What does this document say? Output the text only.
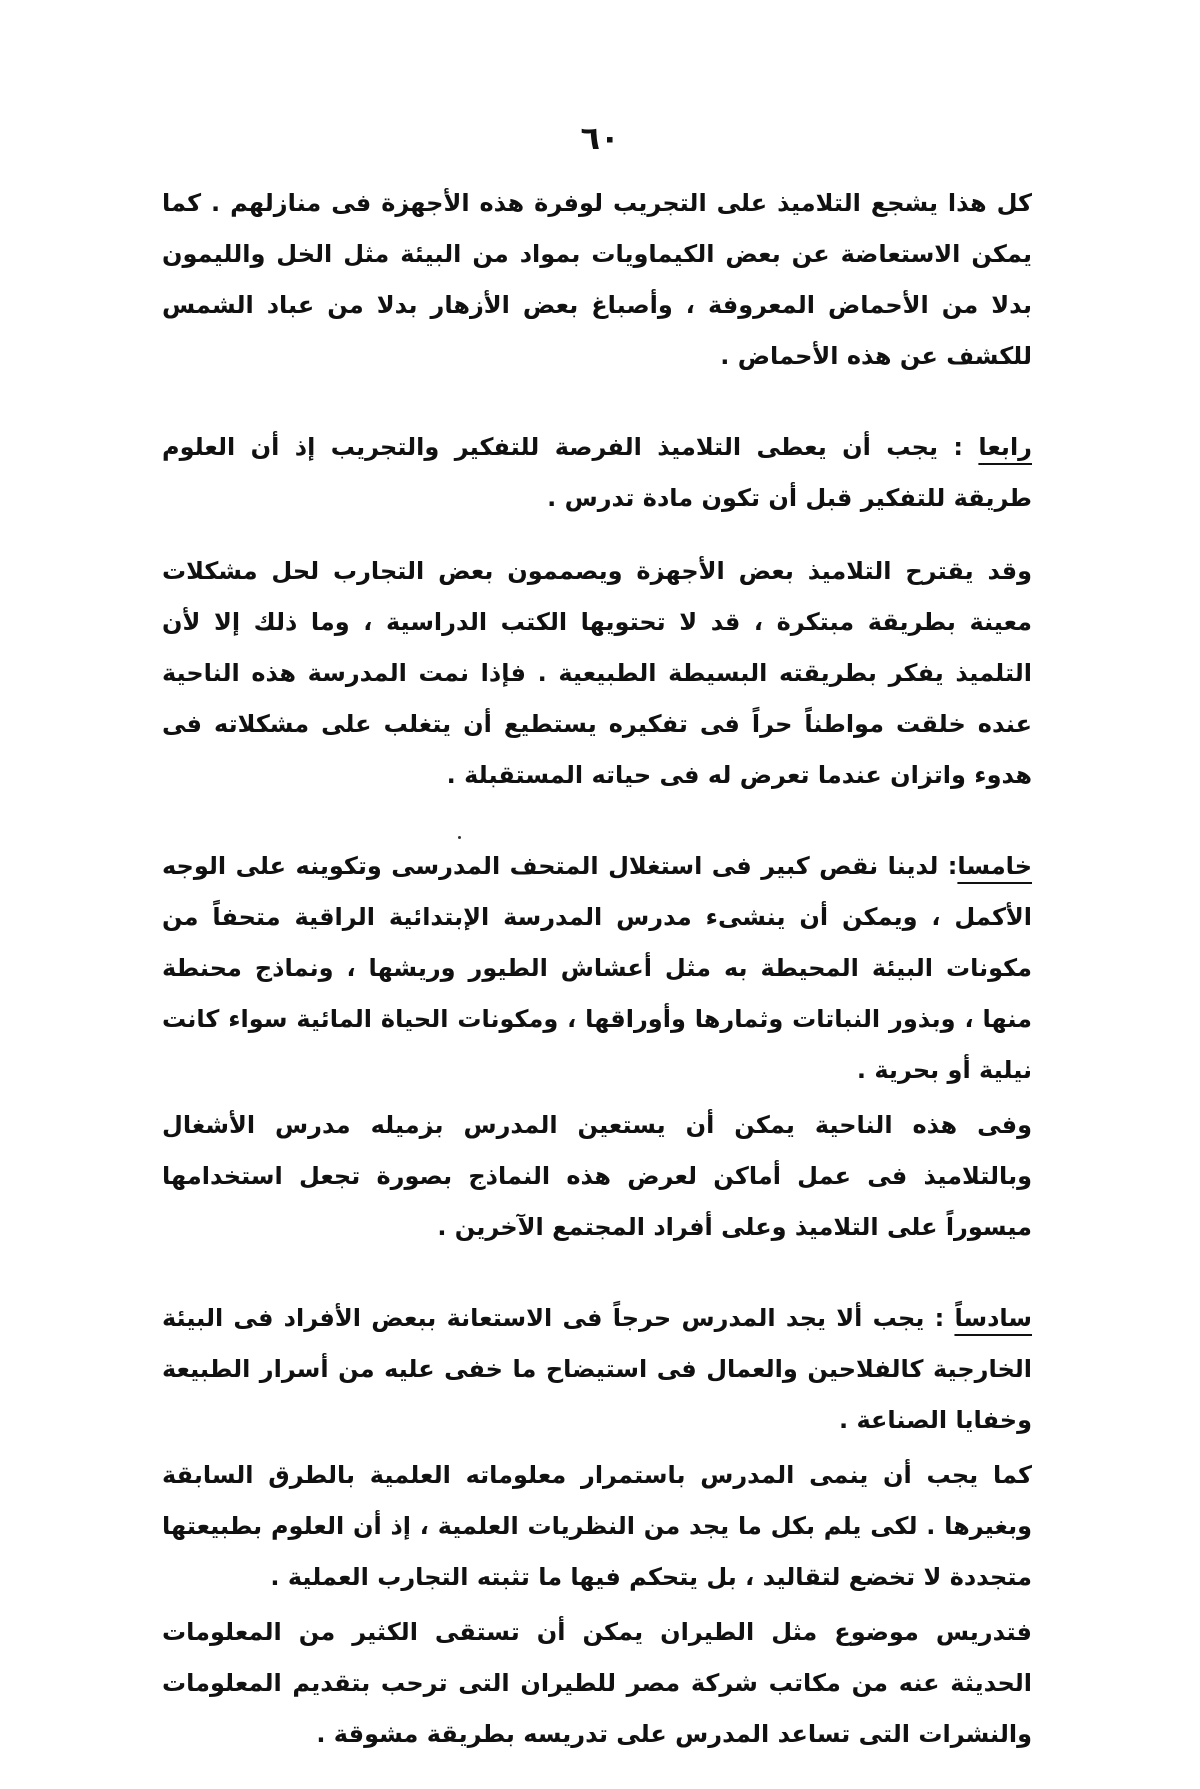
٦٠

كل هذا يشجع التلاميذ على التجريب لوفرة هذه الأجهزة فى منازلهم . كما يمكن الاستعاضة عن بعض الكيماويات بمواد من البيئة مثل الخل والليمون بدلا من الأحماض المعروفة ، وأصباغ بعض الأزهار بدلا من عباد الشمس للكشف عن هذه الأحماض .

رابعا : يجب أن يعطى التلاميذ الفرصة للتفكير والتجريب إذ أن العلوم طريقة للتفكير قبل أن تكون مادة تدرس .

وقد يقترح التلاميذ بعض الأجهزة ويصممون بعض التجارب لحل مشكلات معينة بطريقة مبتكرة ، قد لا تحتويها الكتب الدراسية ، وما ذلك إلا لأن التلميذ يفكر بطريقته البسيطة الطبيعية . فإذا نمت المدرسة هذه الناحية عنده خلقت مواطناً حراً فى تفكيره يستطيع أن يتغلب على مشكلاته فى هدوء واتزان عندما تعرض له فى حياته المستقبلة .

خامسا: لدينا نقص كبير فى استغلال المتحف المدرسى وتكوينه على الوجه الأكمل ، ويمكن أن ينشىء مدرس المدرسة الإبتدائية الراقية متحفاً من مكونات البيئة المحيطة به مثل أعشاش الطيور وريشها ، ونماذج محنطة منها ، وبذور النباتات وثمارها وأوراقها ، ومكونات الحياة المائية سواء كانت نيلية أو بحرية .

وفى هذه الناحية يمكن أن يستعين المدرس بزميله مدرس الأشغال وبالتلاميذ فى عمل أماكن لعرض هذه النماذج بصورة تجعل استخدامها ميسوراً على التلاميذ وعلى أفراد المجتمع الآخرين .

سادساً : يجب ألا يجد المدرس حرجاً فى الاستعانة ببعض الأفراد فى البيئة الخارجية كالفلاحين والعمال فى استيضاح ما خفى عليه من أسرار الطبيعة وخفايا الصناعة .

كما يجب أن ينمى المدرس باستمرار معلوماته العلمية بالطرق السابقة وبغيرها . لكى يلم بكل ما يجد من النظريات العلمية ، إذ أن العلوم بطبيعتها متجددة لا تخضع لتقاليد ، بل يتحكم فيها ما تثبته التجارب العملية .

فتدريس موضوع مثل الطيران يمكن أن تستقى الكثير من المعلومات الحديثة عنه من مكاتب شركة مصر للطيران التى ترحب بتقديم المعلومات والنشرات التى تساعد المدرس على تدريسه بطريقة مشوقة .
